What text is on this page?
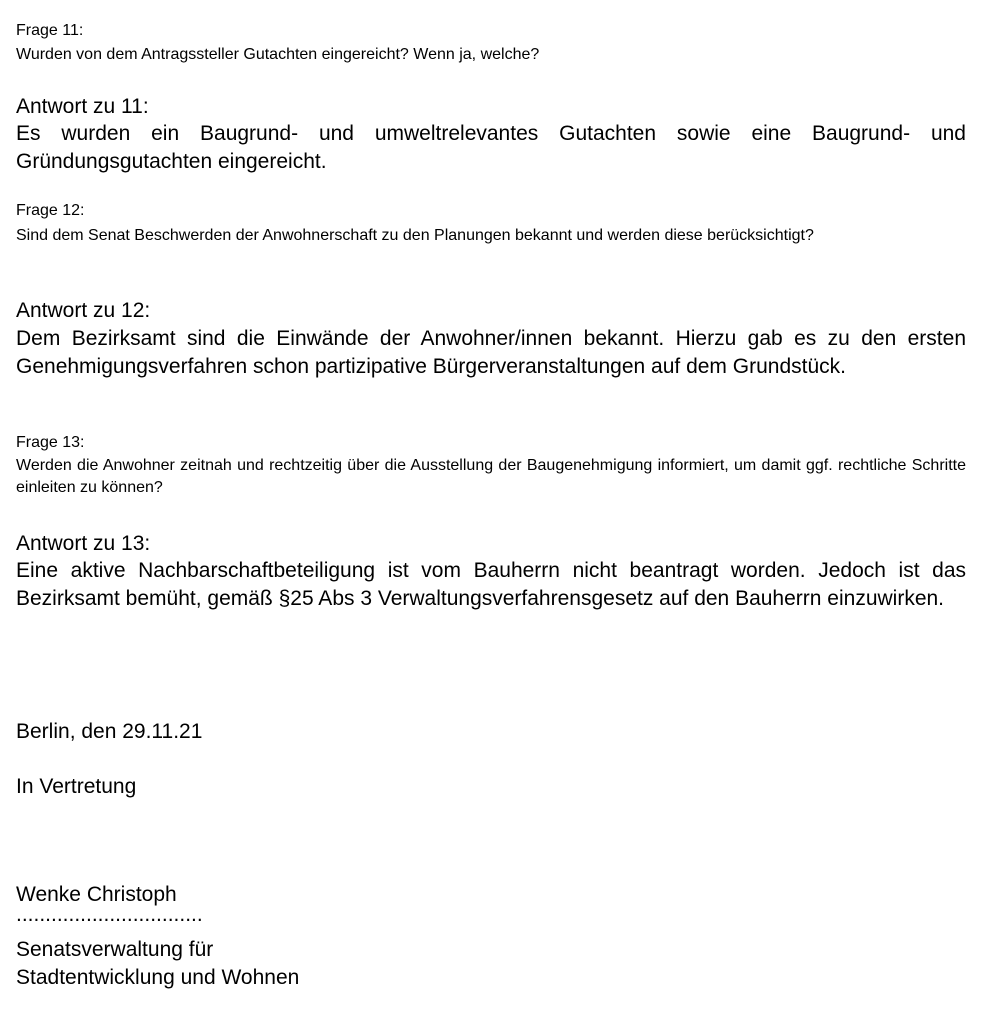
Frage 11:
Wurden von dem Antragssteller Gutachten eingereicht? Wenn ja, welche?
Antwort zu 11:
Es wurden ein Baugrund- und umweltrelevantes Gutachten sowie eine Baugrund- und Gründungsgutachten eingereicht.
Frage 12:
Sind dem Senat Beschwerden der Anwohnerschaft zu den Planungen bekannt und werden diese berücksichtigt?
Antwort zu 12:
Dem Bezirksamt sind die Einwände der Anwohner/innen bekannt. Hierzu gab es zu den ersten Genehmigungsverfahren schon partizipative Bürgerveranstaltungen auf dem Grundstück.
Frage 13:
Werden die Anwohner zeitnah und rechtzeitig über die Ausstellung der Baugenehmigung informiert, um damit ggf. rechtliche Schritte einleiten zu können?
Antwort zu 13:
Eine aktive Nachbarschaftbeteiligung ist vom Bauherrn nicht beantragt worden. Jedoch ist das Bezirksamt bemüht, gemäß §25 Abs 3 Verwaltungsverfahrensgesetz auf den Bauherrn einzuwirken.
Berlin, den 29.11.21
In Vertretung
Wenke Christoph
................................
Senatsverwaltung für
Stadtentwicklung und Wohnen
